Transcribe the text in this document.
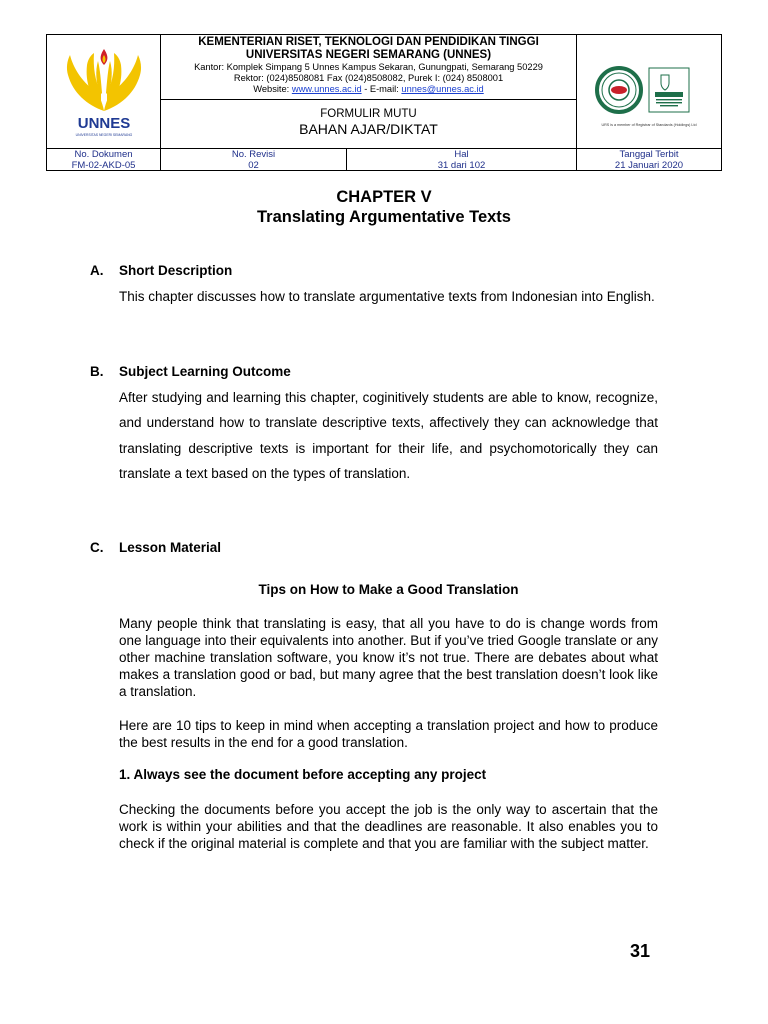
UNNES
UNIVERSITAS NEGERI SEMARANG
KEMENTERIAN RISET, TEKNOLOGI DAN PENDIDIKAN TINGGI
UNIVERSITAS NEGERI SEMARANG (UNNES)
Kantor: Komplek Simpang 5 Unnes Kampus Sekaran, Gunungpati, Semarang 50229
Rektor: (024)8508081 Fax (024)8508082, Purek I: (024) 8508001
Website: www.unnes.ac.id - E-mail: unnes@unnes.ac.id
FORMULIR MUTU
BAHAN AJAR/DIKTAT	URS is a member of Registrar of Standards (Holdings) Ltd
No. Dokumen
FM-02-AKD-05
No. Revisi
02
Hal
31 dari 102
Tanggal Terbit
21 Januari 2020
CHAPTER V
Translating Argumentative Texts
A. Short Description
This chapter discusses how to translate argumentative texts from Indonesian into English.
B. Subject Learning Outcome
After studying and learning this chapter, coginitively students are able to know, recognize, and understand how to translate descriptive texts, affectively they can acknowledge that translating descriptive texts is important for their life, and psychomotorically they can translate a text based on the types of translation.
C. Lesson Material
Tips on How to Make a Good Translation
Many people think that translating is easy, that all you have to do is change words from one language into their equivalents into another. But if you’ve tried Google translate or any other machine translation software, you know it’s not true. There are debates about what makes a translation good or bad, but many agree that the best translation doesn’t look like a translation.
Here are 10 tips to keep in mind when accepting a translation project and how to produce the best results in the end for a good translation.
1. Always see the document before accepting any project
Checking the documents before you accept the job is the only way to ascertain that the work is within your abilities and that the deadlines are reasonable. It also enables you to check if the original material is complete and that you are familiar with the subject matter.
31
